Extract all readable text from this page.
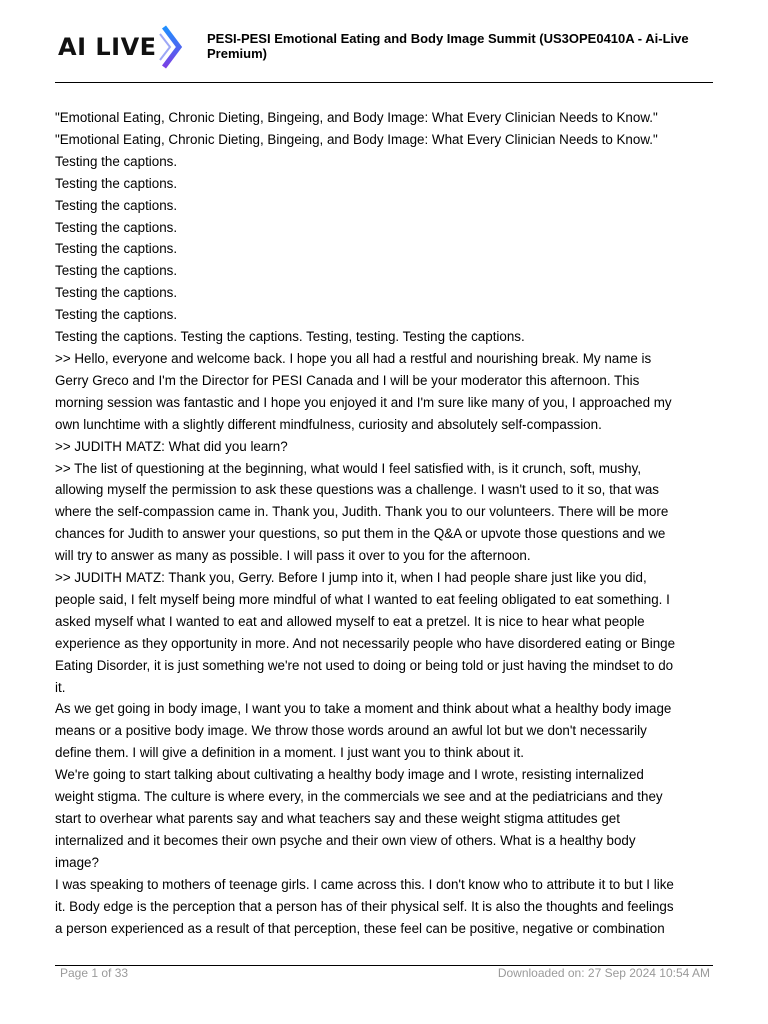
AI LIVE	PESI-PESI Emotional Eating and Body Image Summit (US3OPE0410A - Ai-Live Premium)
"Emotional Eating, Chronic Dieting, Bingeing, and Body Image: What Every Clinician Needs to Know."
"Emotional Eating, Chronic Dieting, Bingeing, and Body Image: What Every Clinician Needs to Know."
Testing the captions.
Testing the captions.
Testing the captions.
Testing the captions.
Testing the captions.
Testing the captions.
Testing the captions.
Testing the captions.
Testing the captions. Testing the captions. Testing, testing. Testing the captions.
>> Hello, everyone and welcome back. I hope you all had a restful and nourishing break. My name is
Gerry Greco and I'm the Director for PESI Canada and I will be your moderator this afternoon. This
morning session was fantastic and I hope you enjoyed it and I'm sure like many of you, I approached my
own lunchtime with a slightly different mindfulness, curiosity and absolutely self-compassion.
>> JUDITH MATZ: What did you learn?
>> The list of questioning at the beginning, what would I feel satisfied with, is it crunch, soft, mushy,
allowing myself the permission to ask these questions was a challenge. I wasn't used to it so, that was
where the self-compassion came in. Thank you, Judith. Thank you to our volunteers. There will be more
chances for Judith to answer your questions, so put them in the Q&A or upvote those questions and we
will try to answer as many as possible. I will pass it over to you for the afternoon.
>> JUDITH MATZ: Thank you, Gerry. Before I jump into it, when I had people share just like you did,
people said, I felt myself being more mindful of what I wanted to eat feeling obligated to eat something. I
asked myself what I wanted to eat and allowed myself to eat a pretzel. It is nice to hear what people
experience as they opportunity in more. And not necessarily people who have disordered eating or Binge
Eating Disorder, it is just something we're not used to doing or being told or just having the mindset to do
it.
As we get going in body image, I want you to take a moment and think about what a healthy body image
means or a positive body image. We throw those words around an awful lot but we don't necessarily
define them. I will give a definition in a moment. I just want you to think about it.
We're going to start talking about cultivating a healthy body image and I wrote, resisting internalized
weight stigma. The culture is where every, in the commercials we see and at the pediatricians and they
start to overhear what parents say and what teachers say and these weight stigma attitudes get
internalized and it becomes their own psyche and their own view of others. What is a healthy body
image?
I was speaking to mothers of teenage girls. I came across this. I don't know who to attribute it to but I like
it. Body edge is the perception that a person has of their physical self. It is also the thoughts and feelings
a person experienced as a result of that perception, these feel can be positive, negative or combination
Page 1 of 33	Downloaded on: 27 Sep 2024 10:54 AM
